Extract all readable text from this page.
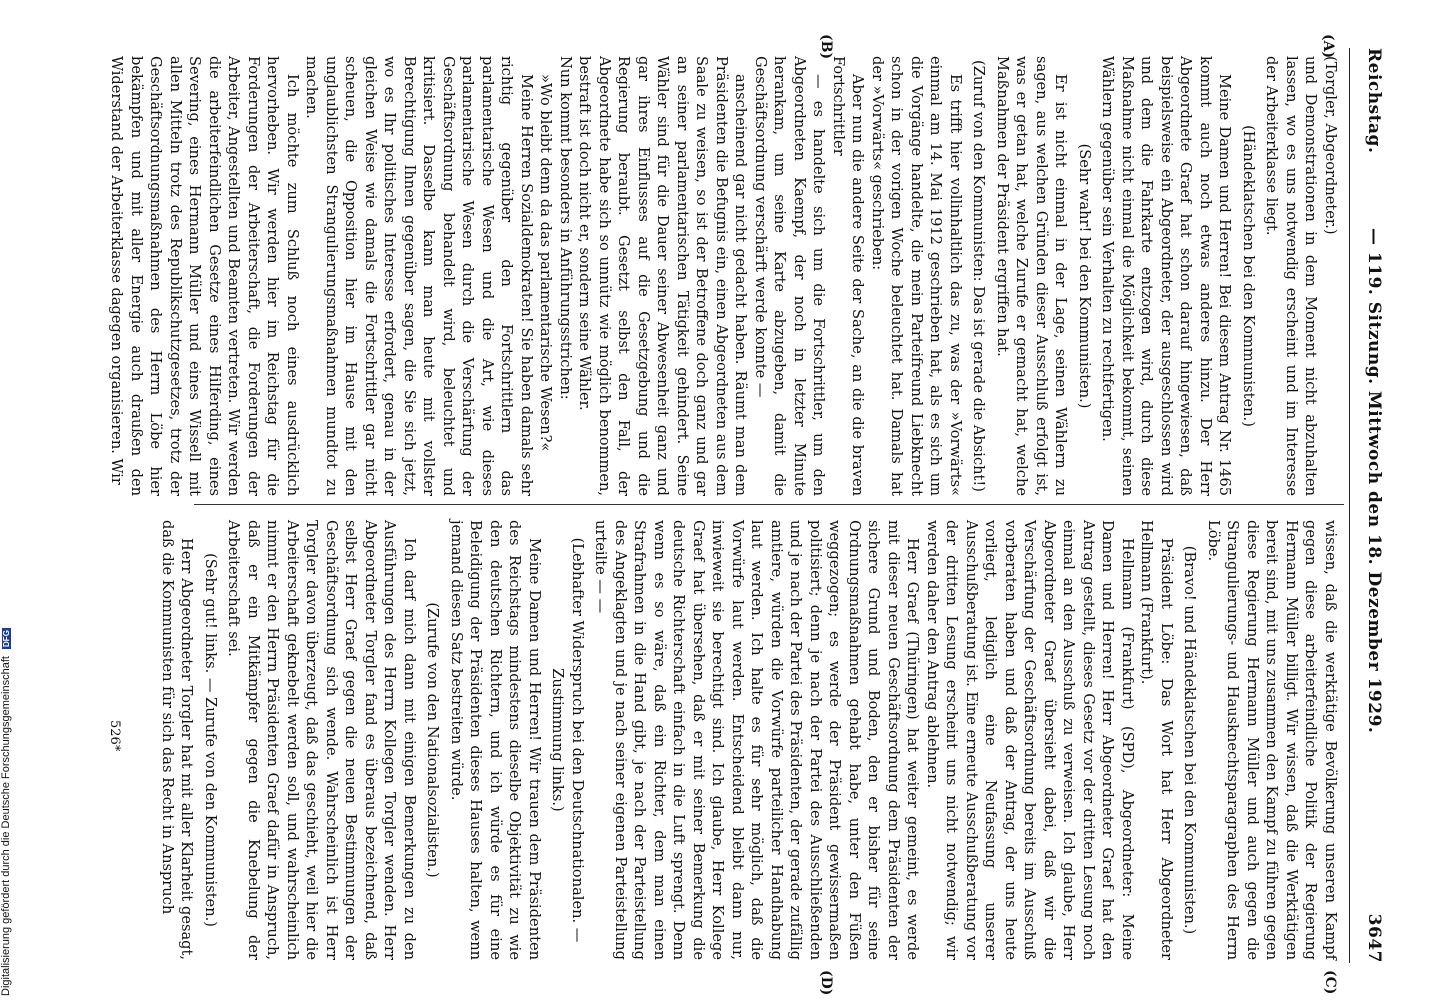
Reichstag.
— 119. Sitzung. Mittwoch den 18. Dezember 1929.
3647
(A)
(B)
(C)
(D)

(Torgler, Abgeordneter.)

und Demonstrationen in dem Moment nicht abzuhalten lassen, wo es uns notwendig erscheint und im Interesse der Arbeiterklasse liegt.

(Händeklatschen bei den Kommunisten.)

Meine Damen und Herren! Bei diesem Antrag Nr. 1465 kommt auch noch etwas anderes hinzu. Der Herr Abgeordnete Graef hat schon darauf hingewiesen, daß beispielsweise ein Abgeordneter, der ausgeschlossen wird und dem die Fahrkarte entzogen wird, durch diese Maßnahme nicht einmal die Möglichkeit bekommt, seinen Wählern gegenüber sein Verhalten zu rechtfertigen.

(Sehr wahr! bei den Kommunisten.)

Er ist nicht einmal in der Lage, seinen Wählern zu sagen, aus welchen Gründen dieser Ausschluß erfolgt ist, was er getan hat, welche Zurufe er gemacht hat, welche Maßnahmen der Präsident ergriffen hat.

(Zuruf von den Kommunisten: Das ist gerade die Absicht!)

Es trifft hier vollinhaltlich das zu, was der »Vorwärts« einmal am 14. Mai 1912 geschrieben hat, als es sich um die Vorgänge handelte, die mein Parteifreund Liebknecht schon in der vorigen Woche beleuchtet hat. Damals hat der »Vorwärts« geschrieben:

Aber nun die andere Seite der Sache, an die die braven Fortschrittler

— es handelte sich um die Fortschrittler, um den Abgeordneten Kaempf, der noch in letzter Minute herankam, um seine Karte abzugeben, damit die Geschäftsordnung verschärft werde konnte —

anscheinend gar nicht gedacht haben. Räumt man dem Präsidenten die Befugnis ein, einen Abgeordneten aus dem Saale zu weisen, so ist der Betroffene doch ganz und gar an seiner parlamentarischen Tätigkeit gehindert. Seine Wähler sind für die Dauer seiner Abwesenheit ganz und gar ihres Einflusses auf die Gesetzgebung und die Regierung beraubt. Gesetzt selbst den Fall, der Abgeordnete habe sich so unnütz wie möglich benommen, bestraft ist doch nicht er, sondern seine Wähler.

Nun kommt besonders in Anführungsstrichen:

»Wo bleibt denn da das parlamentarische Wesen?«

Meine Herren Sozialdemokraten! Sie haben damals sehr richtig gegenüber den Fortschrittlern das parlamentarische Wesen und die Art, wie dieses parlamentarische Wesen durch die Verschärfung der Geschäftsordnung behandelt wird, beleuchtet und kritisiert. Dasselbe kann man heute mit vollster Berechtigung Ihnen gegenüber sagen, die Sie sich jetzt, wo es Ihr politisches Interesse erfordert, genau in der gleichen Weise wie damals die Fortschrittler gar nicht scheuen, die Opposition hier im Hause mit den unglaublichsten Strangulierungsmaßnahmen mundtot zu machen.

Ich möchte zum Schluß noch eines ausdrücklich hervorheben. Wir werden hier im Reichstag für die Forderungen der Arbeiterschaft, die Forderungen der Arbeiter, Angestellten und Beamten vertreten. Wir werden die arbeiterfeindlichen Gesetze eines Hilferding, eines Severing, eines Hermann Müller und eines Wissell mit allen Mitteln trotz des Republikschutzgesetzes, trotz der Geschäftsordnungsmaßnahmen des Herrn Löbe hier bekämpfen und mit aller Energie auch draußen den Widerstand der Arbeiterklasse dagegen organisieren. Wir

wissen, daß die werktätige Bevölkerung unseren Kampf gegen diese arbeiterfeindliche Politik der Regierung Hermann Müller billigt. Wir wissen, daß die Werktätigen bereit sind, mit uns zusammen den Kampf zu führen gegen diese Regierung Hermann Müller und auch gegen die Strangulierungs- und Hausknechtsparagraphen des Herrn Löbe.

(Bravo! und Händeklatschen bei den Kommunisten.)

Präsident Löbe: Das Wort hat Herr Abgeordneter Hellmann (Frankfurt).

Hellmann (Frankfurt) (SPD), Abgeordneter: Meine Damen und Herren! Herr Abgeordneter Graef hat den Antrag gestellt, dieses Gesetz vor der dritten Lesung noch einmal an den Ausschuß zu verweisen. Ich glaube, Herr Abgeordneter Graef übersieht dabei, daß wir die Verschärfung der Geschäftsordnung bereits im Ausschuß vorberaten haben und daß der Antrag, der uns heute vorliegt, lediglich eine Neufassung unserer Ausschußberatung ist. Eine erneute Ausschußberatung vor der dritten Lesung erscheint uns nicht notwendig; wir werden daher den Antrag ablehnen.

Herr Graef (Thüringen) hat weiter gemeint, es werde mit dieser neuen Geschäftsordnung dem Präsidenten der sichere Grund und Boden, den er bisher für seine Ordnungsmaßnahmen gehabt habe, unter den Füßen weggezogen; es werde der Präsident gewissermaßen politisiert; denn je nach der Partei des Ausschließenden und je nach der Partei des Präsidenten, der gerade zufällig amtiere, würden die Vorwürfe parteilicher Handhabung laut werden. Ich halte es für sehr möglich, daß die Vorwürfe laut werden. Entscheidend bleibt dann nur, inwieweit sie berechtigt sind. Ich glaube, Herr Kollege Graef hat übersehen, daß er mit seiner Bemerkung die deutsche Richterschaft einfach in die Luft sprengt. Denn wenn es so wäre, daß ein Richter, dem man einen Strafrahmen in die Hand gibt, je nach der Parteistellung des Angeklagten und je nach seiner eigenen Parteistellung urteilte — —

(Lebhafter Widerspruch bei den Deutschnationalen. — Zustimmung links.)

Meine Damen und Herren! Wir trauen dem Präsidenten des Reichstags mindestens dieselbe Objektivität zu wie den deutschen Richtern, und ich würde es für eine Beleidigung der Präsidenten dieses Hauses halten, wenn jemand diesen Satz bestreiten würde.

(Zurufe von den Nationalsozialisten.)

Ich darf mich dann mit einigen Bemerkungen zu den Ausführungen des Herrn Kollegen Torgler wenden. Herr Abgeordneter Torgler fand es überaus bezeichnend, daß selbst Herr Graef gegen die neuen Bestimmungen der Geschäftsordnung sich wende. Wahrscheinlich ist Herr Torgler davon überzeugt, daß das geschieht, weil hier die Arbeiterschaft geknebelt werden soll, und wahrscheinlich nimmt er den Herrn Präsidenten Graef dafür in Anspruch, daß er ein Mitkämpfer gegen die Knebelung der Arbeiterschaft sei.

(Sehr gut! links. — Zurufe von den Kommunisten.)

Herr Abgeordneter Torgler hat mit aller Klarheit gesagt, daß die Kommunisten für sich das Recht in Anspruch

526*
Digitalisierung gefördert durch die Deutsche Forschungsgemeinschaft DFG
